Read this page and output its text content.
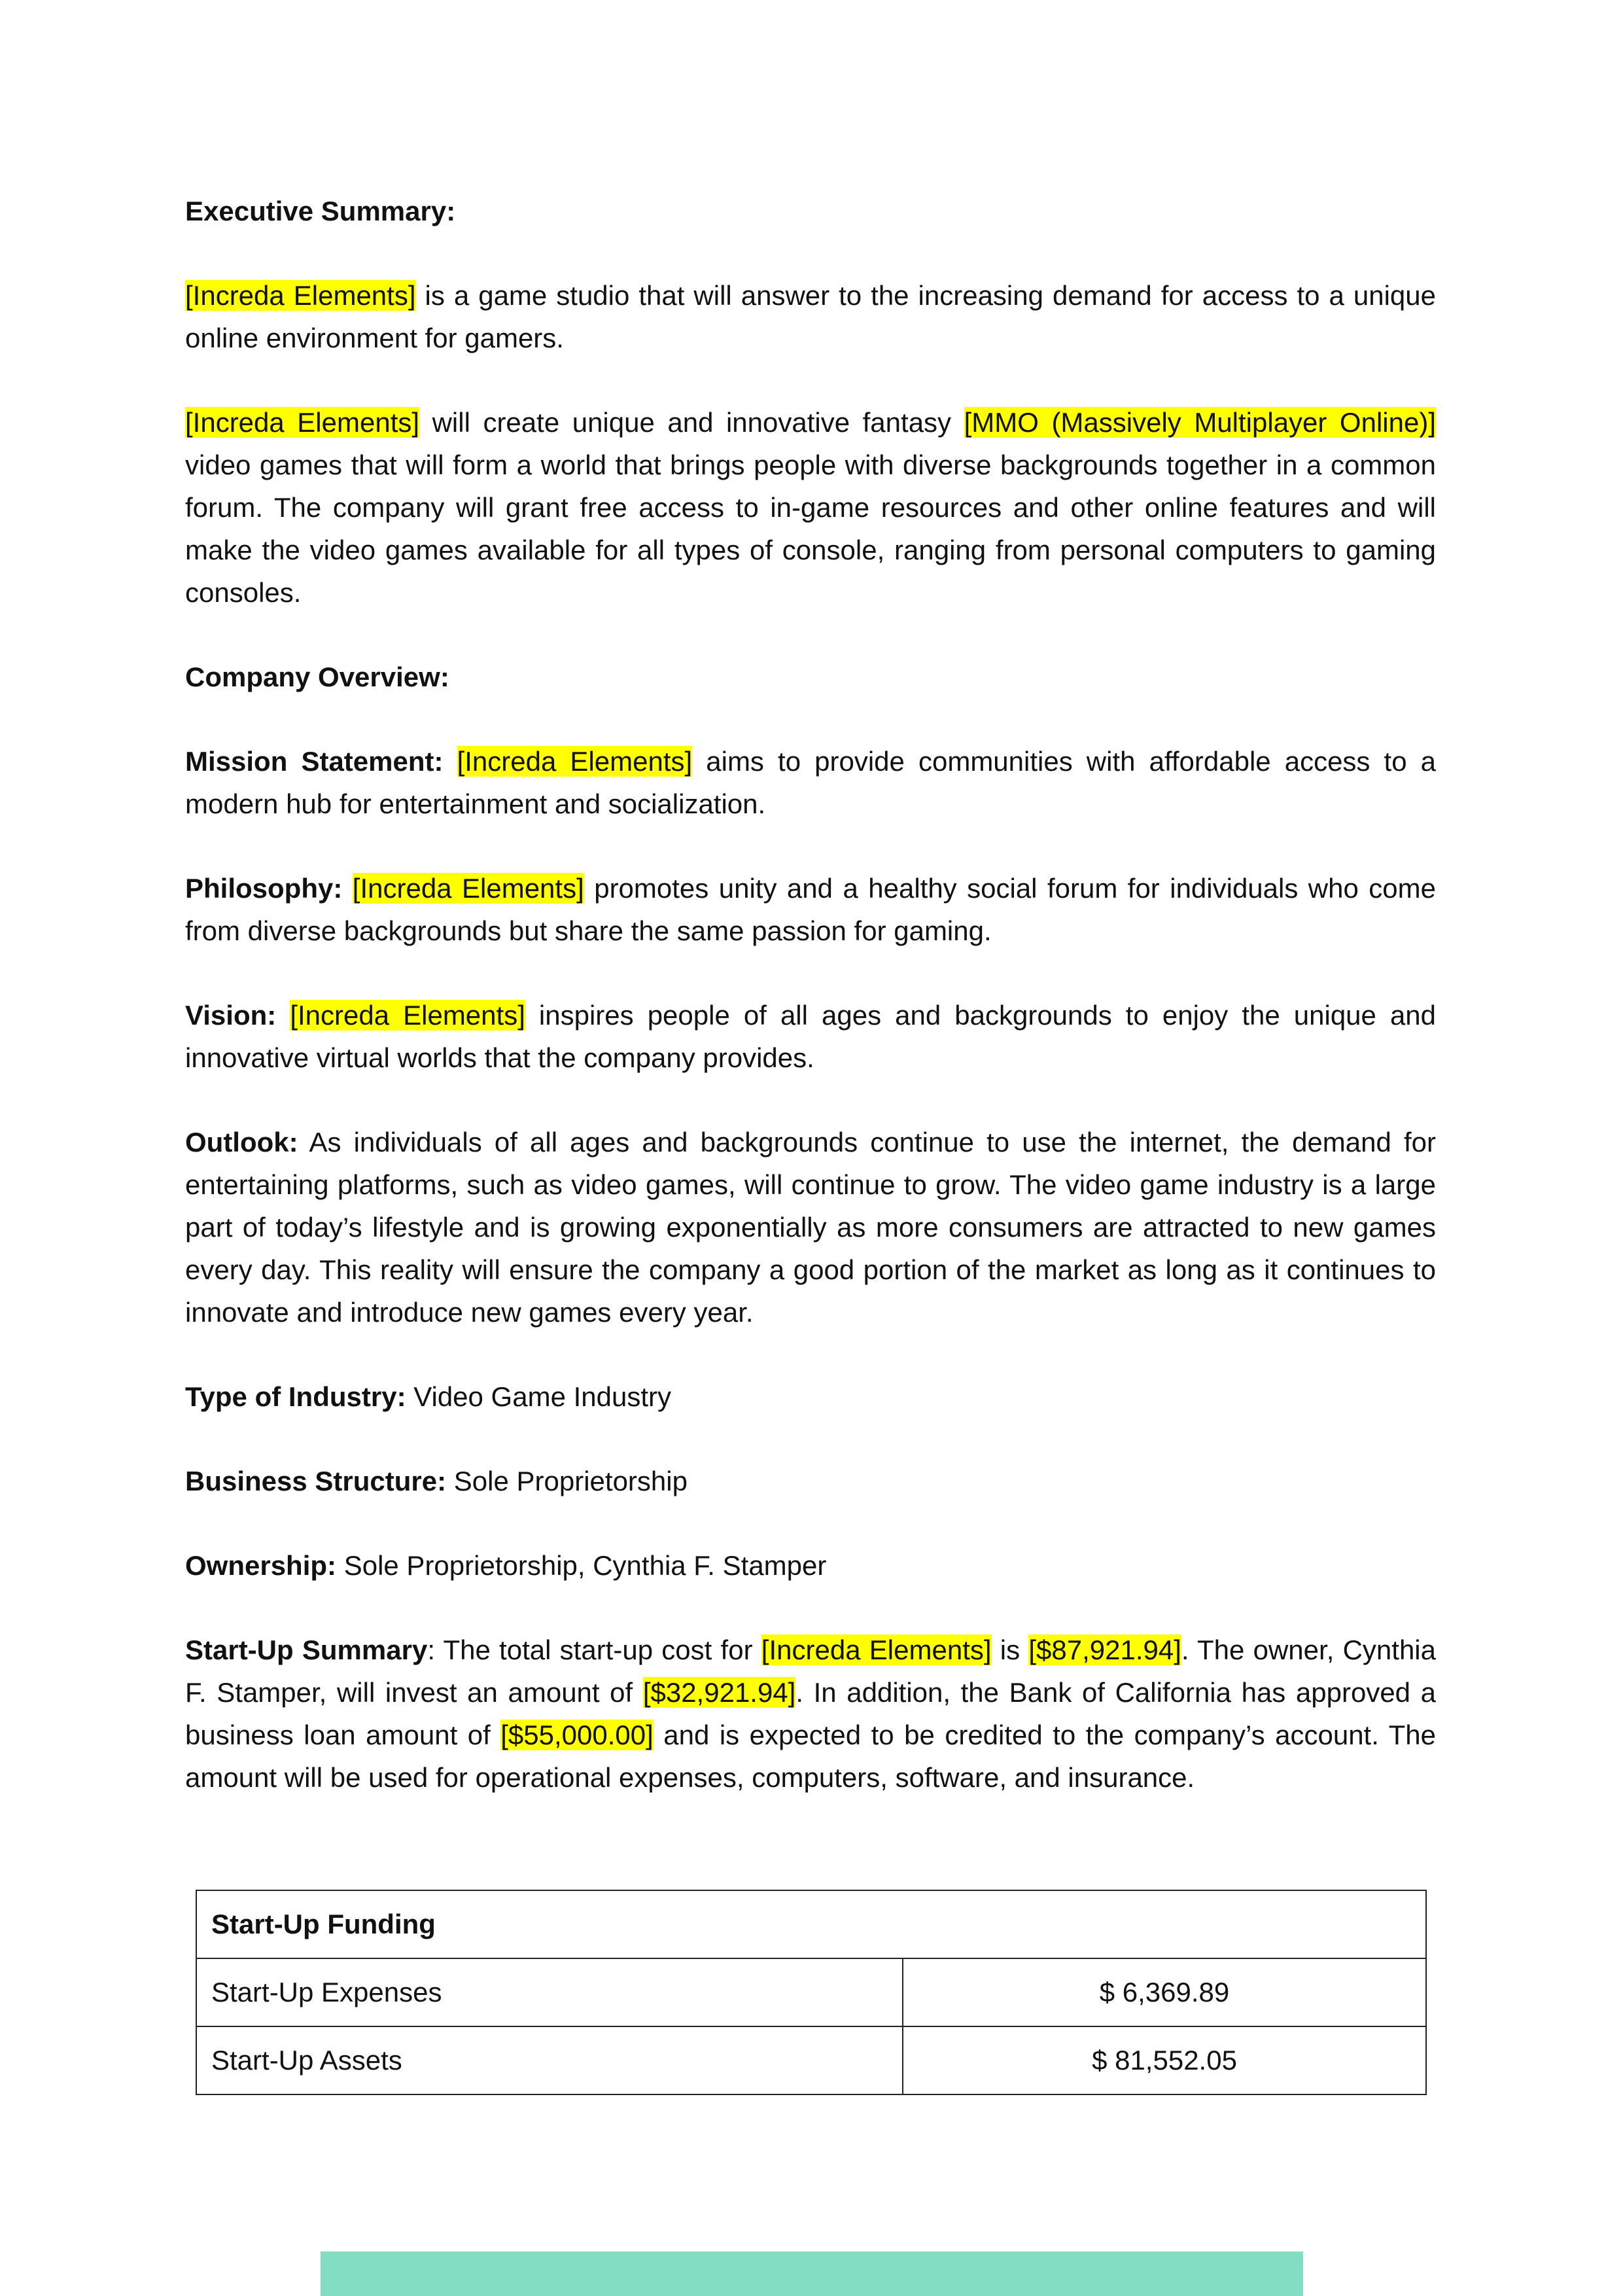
Executive Summary:

[Increda Elements] is a game studio that will answer to the increasing demand for access to a unique online environment for gamers.

[Increda Elements] will create unique and innovative fantasy [MMO (Massively Multiplayer Online)] video games that will form a world that brings people with diverse backgrounds together in a common forum. The company will grant free access to in-game resources and other online features and will make the video games available for all types of console, ranging from personal computers to gaming consoles.

Company Overview:

Mission Statement: [Increda Elements] aims to provide communities with affordable access to a modern hub for entertainment and socialization.

Philosophy: [Increda Elements] promotes unity and a healthy social forum for individuals who come from diverse backgrounds but share the same passion for gaming.

Vision: [Increda Elements] inspires people of all ages and backgrounds to enjoy the unique and innovative virtual worlds that the company provides.

Outlook: As individuals of all ages and backgrounds continue to use the internet, the demand for entertaining platforms, such as video games, will continue to grow. The video game industry is a large part of today’s lifestyle and is growing exponentially as more consumers are attracted to new games every day. This reality will ensure the company a good portion of the market as long as it continues to innovate and introduce new games every year.

Type of Industry: Video Game Industry

Business Structure: Sole Proprietorship

Ownership: Sole Proprietorship, Cynthia F. Stamper

Start-Up Summary: The total start-up cost for [Increda Elements] is [$87,921.94]. The owner, Cynthia F. Stamper, will invest an amount of [$32,921.94]. In addition, the Bank of California has approved a business loan amount of [$55,000.00] and is expected to be credited to the company’s account. The amount will be used for operational expenses, computers, software, and insurance.

Start-Up Funding	
Start-Up Expenses	$ 6,369.89
Start-Up Assets	$ 81,552.05
